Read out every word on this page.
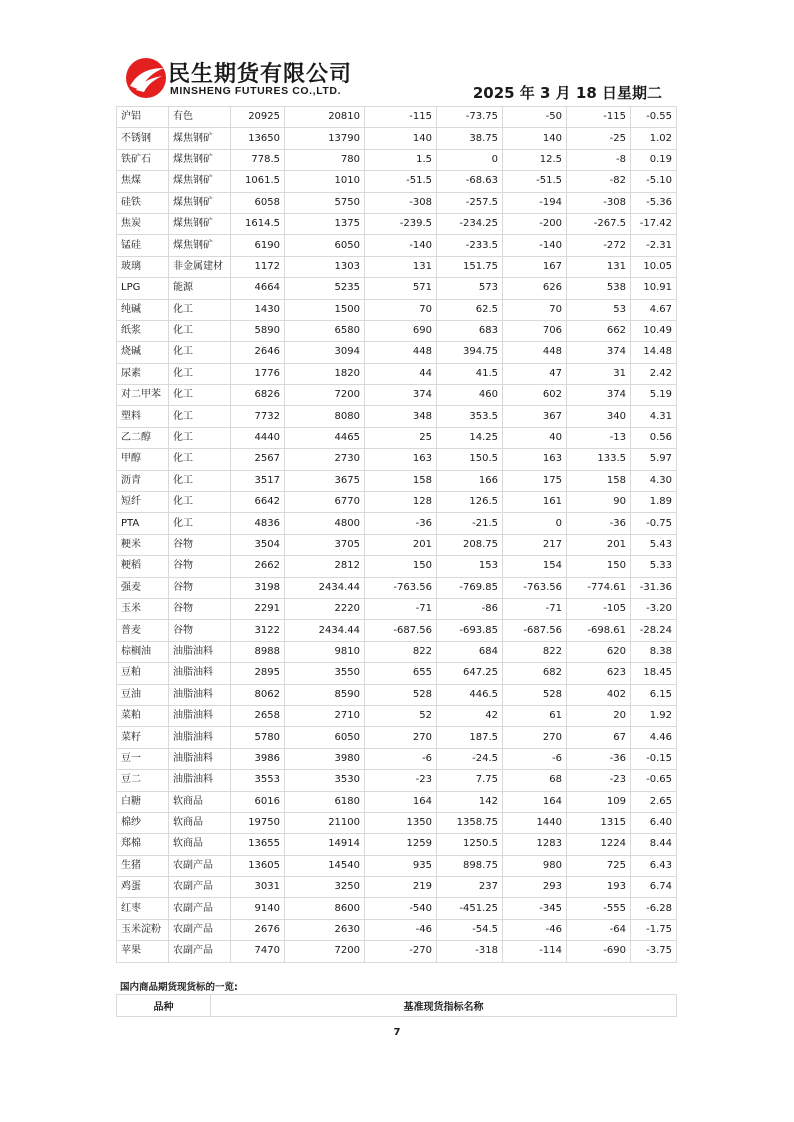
民生期货有限公司
MINSHENG FUTURES CO.,LTD.	2025 年 3 月 18 日星期二
沪铝	有色	20925	20810	-115	-73.75	-50	-115	-0.55
不锈钢	煤焦钢矿	13650	13790	140	38.75	140	-25	1.02
铁矿石	煤焦钢矿	778.5	780	1.5	0	12.5	-8	0.19
焦煤	煤焦钢矿	1061.5	1010	-51.5	-68.63	-51.5	-82	-5.10
硅铁	煤焦钢矿	6058	5750	-308	-257.5	-194	-308	-5.36
焦炭	煤焦钢矿	1614.5	1375	-239.5	-234.25	-200	-267.5	-17.42
锰硅	煤焦钢矿	6190	6050	-140	-233.5	-140	-272	-2.31
玻璃	非金属建材	1172	1303	131	151.75	167	131	10.05
LPG	能源	4664	5235	571	573	626	538	10.91
纯碱	化工	1430	1500	70	62.5	70	53	4.67
纸浆	化工	5890	6580	690	683	706	662	10.49
烧碱	化工	2646	3094	448	394.75	448	374	14.48
尿素	化工	1776	1820	44	41.5	47	31	2.42
对二甲苯	化工	6826	7200	374	460	602	374	5.19
塑料	化工	7732	8080	348	353.5	367	340	4.31
乙二醇	化工	4440	4465	25	14.25	40	-13	0.56
甲醇	化工	2567	2730	163	150.5	163	133.5	5.97
沥青	化工	3517	3675	158	166	175	158	4.30
短纤	化工	6642	6770	128	126.5	161	90	1.89
PTA	化工	4836	4800	-36	-21.5	0	-36	-0.75
粳米	谷物	3504	3705	201	208.75	217	201	5.43
粳稻	谷物	2662	2812	150	153	154	150	5.33
强麦	谷物	3198	2434.44	-763.56	-769.85	-763.56	-774.61	-31.36
玉米	谷物	2291	2220	-71	-86	-71	-105	-3.20
普麦	谷物	3122	2434.44	-687.56	-693.85	-687.56	-698.61	-28.24
棕榈油	油脂油料	8988	9810	822	684	822	620	8.38
豆粕	油脂油料	2895	3550	655	647.25	682	623	18.45
豆油	油脂油料	8062	8590	528	446.5	528	402	6.15
菜粕	油脂油料	2658	2710	52	42	61	20	1.92
菜籽	油脂油料	5780	6050	270	187.5	270	67	4.46
豆一	油脂油料	3986	3980	-6	-24.5	-6	-36	-0.15
豆二	油脂油料	3553	3530	-23	7.75	68	-23	-0.65
白糖	软商品	6016	6180	164	142	164	109	2.65
棉纱	软商品	19750	21100	1350	1358.75	1440	1315	6.40
郑棉	软商品	13655	14914	1259	1250.5	1283	1224	8.44
生猪	农副产品	13605	14540	935	898.75	980	725	6.43
鸡蛋	农副产品	3031	3250	219	237	293	193	6.74
红枣	农副产品	9140	8600	-540	-451.25	-345	-555	-6.28
玉米淀粉	农副产品	2676	2630	-46	-54.5	-46	-64	-1.75
苹果	农副产品	7470	7200	-270	-318	-114	-690	-3.75
国内商品期货现货标的一览:
品种	基准现货指标名称
7
